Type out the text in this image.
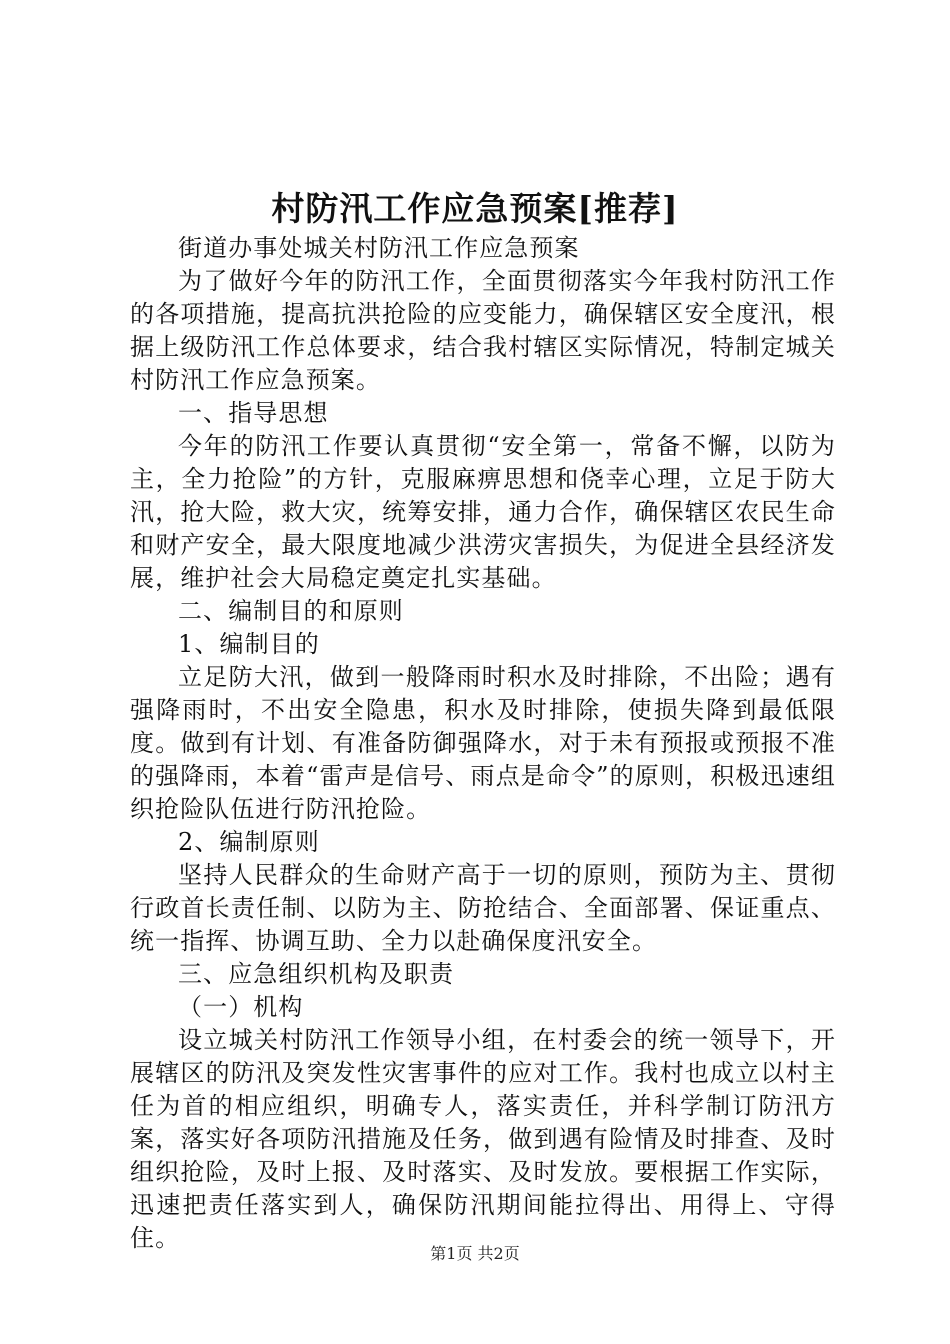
村防汛工作应急预案[推荐]

街道办事处城关村防汛工作应急预案

为了做好今年的防汛工作，全面贯彻落实今年我村防汛工作的各项措施，提高抗洪抢险的应变能力，确保辖区安全度汛，根据上级防汛工作总体要求，结合我村辖区实际情况，特制定城关村防汛工作应急预案。

一、指导思想

今年的防汛工作要认真贯彻“安全第一，常备不懈，以防为主，全力抢险”的方针，克服麻痹思想和侥幸心理，立足于防大汛，抢大险，救大灾，统筹安排，通力合作，确保辖区农民生命和财产安全，最大限度地减少洪涝灾害损失，为促进全县经济发展，维护社会大局稳定奠定扎实基础。

二、编制目的和原则

1、编制目的

立足防大汛，做到一般降雨时积水及时排除，不出险；遇有强降雨时，不出安全隐患，积水及时排除，使损失降到最低限度。做到有计划、有准备防御强降水，对于未有预报或预报不准的强降雨，本着“雷声是信号、雨点是命令”的原则，积极迅速组织抢险队伍进行防汛抢险。

2、编制原则

坚持人民群众的生命财产高于一切的原则，预防为主、贯彻行政首长责任制、以防为主、防抢结合、全面部署、保证重点、统一指挥、协调互助、全力以赴确保度汛安全。

三、应急组织机构及职责

（一）机构

设立城关村防汛工作领导小组，在村委会的统一领导下，开展辖区的防汛及突发性灾害事件的应对工作。我村也成立以村主任为首的相应组织，明确专人，落实责任，并科学制订防汛方案，落实好各项防汛措施及任务，做到遇有险情及时排查、及时组织抢险，及时上报、及时落实、及时发放。要根据工作实际，迅速把责任落实到人，确保防汛期间能拉得出、用得上、守得住。

第1页 共2页
